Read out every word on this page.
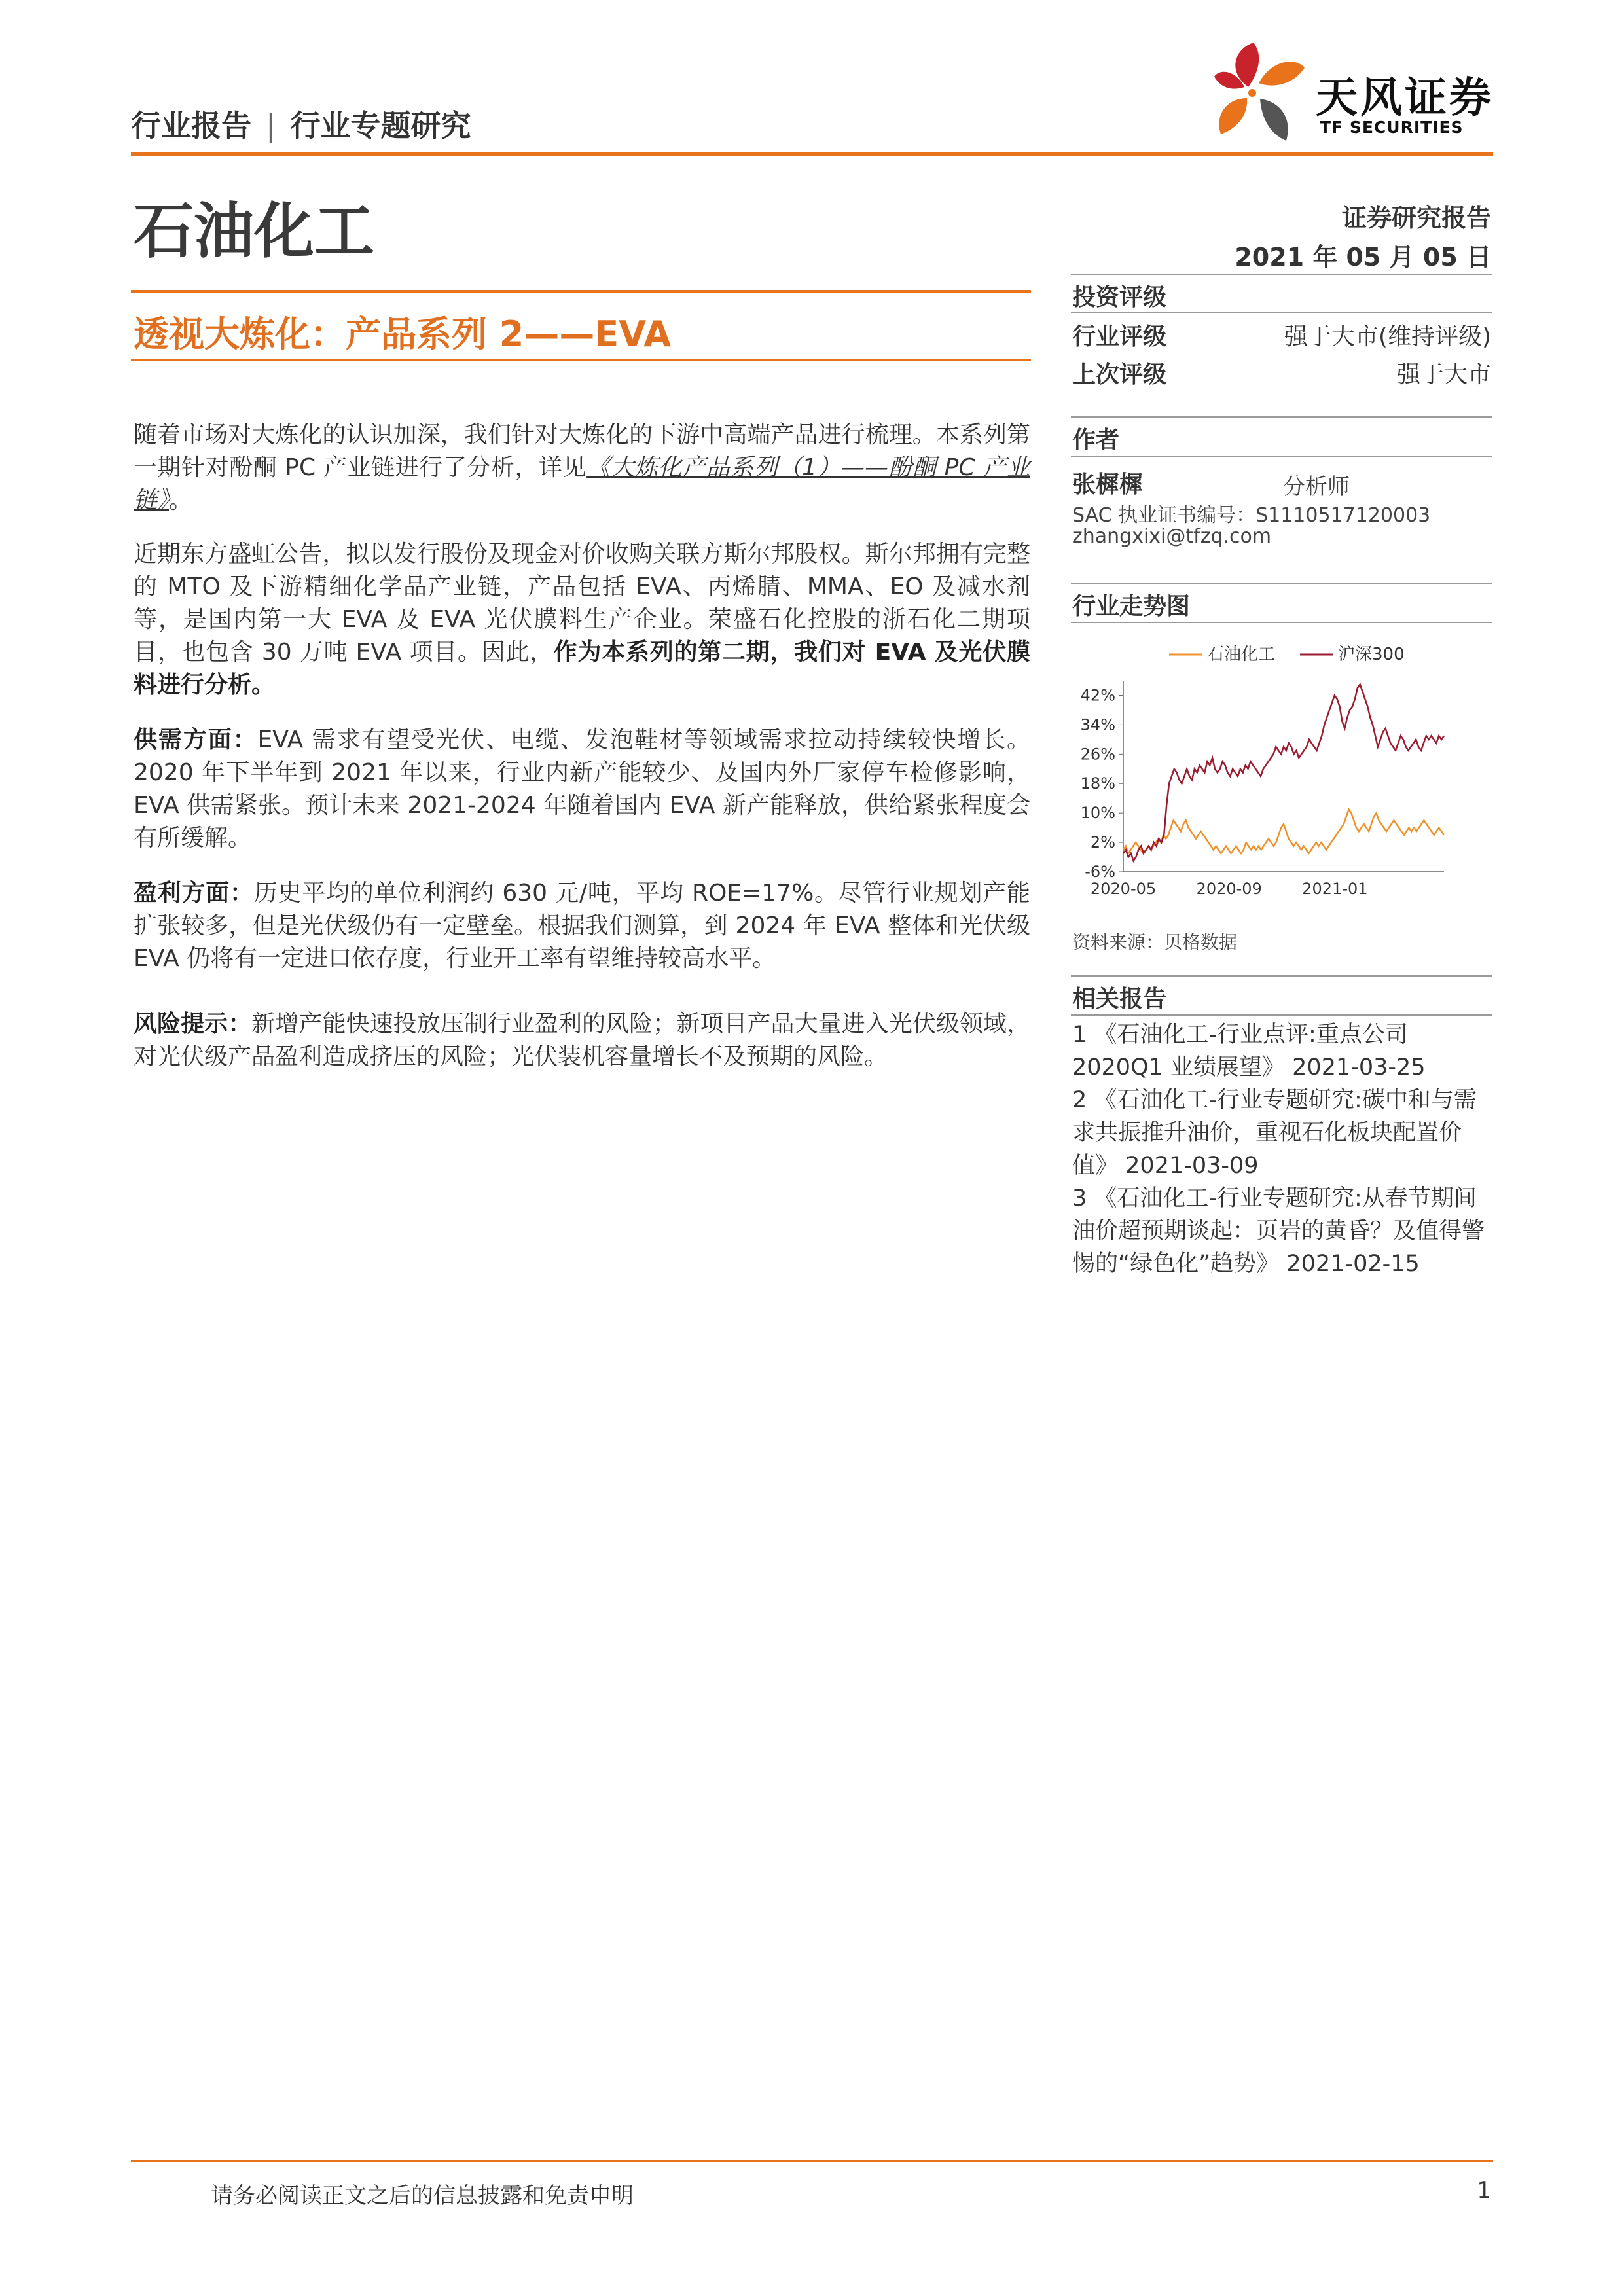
行业报告 | 行业专题研究
天风证券
TF SECURITIES
石油化工	证券研究报告
2021 年 05 月 05 日
透视大炼化：产品系列 2——EVA
随着市场对大炼化的认识加深，我们针对大炼化的下游中高端产品进行梳理。本系列第一期针对酚酮 PC 产业链进行了分析，详见《大炼化产品系列（1）——酚酮 PC 产业链》。
近期东方盛虹公告，拟以发行股份及现金对价收购关联方斯尔邦股权。斯尔邦拥有完整的 MTO 及下游精细化学品产业链，产品包括 EVA、丙烯腈、MMA、EO 及减水剂等，是国内第一大 EVA 及 EVA 光伏膜料生产企业。荣盛石化控股的浙石化二期项目，也包含 30 万吨 EVA 项目。因此，作为本系列的第二期，我们对 EVA 及光伏膜料进行分析。
供需方面：EVA 需求有望受光伏、电缆、发泡鞋材等领域需求拉动持续较快增长。2020 年下半年到 2021 年以来，行业内新产能较少、及国内外厂家停车检修影响，EVA 供需紧张。预计未来 2021-2024 年随着国内 EVA 新产能释放，供给紧张程度会有所缓解。
盈利方面：历史平均的单位利润约 630 元/吨，平均 ROE=17%。尽管行业规划产能扩张较多，但是光伏级仍有一定壁垒。根据我们测算，到 2024 年 EVA 整体和光伏级 EVA 仍将有一定进口依存度，行业开工率有望维持较高水平。
风险提示：新增产能快速投放压制行业盈利的风险；新项目产品大量进入光伏级领域，对光伏级产品盈利造成挤压的风险；光伏装机容量增长不及预期的风险。
投资评级
行业评级	强于大市(维持评级)
上次评级	强于大市
作者
张樨樨	分析师
SAC 执业证书编号：S1110517120003
zhangxixi@tfzq.com
行业走势图
石油化工	沪深300
42%
34%
26%
18%
10%
2%
-6%
2020-05	2020-09	2021-01
资料来源：贝格数据
相关报告
1 《石油化工-行业点评:重点公司2020Q1 业绩展望》 2021-03-25
2 《石油化工-行业专题研究:碳中和与需求共振推升油价，重视石化板块配置价值》 2021-03-09
3 《石油化工-行业专题研究:从春节期间油价超预期谈起：页岩的黄昏？及值得警惕的“绿色化”趋势》 2021-02-15
请务必阅读正文之后的信息披露和免责申明	1
